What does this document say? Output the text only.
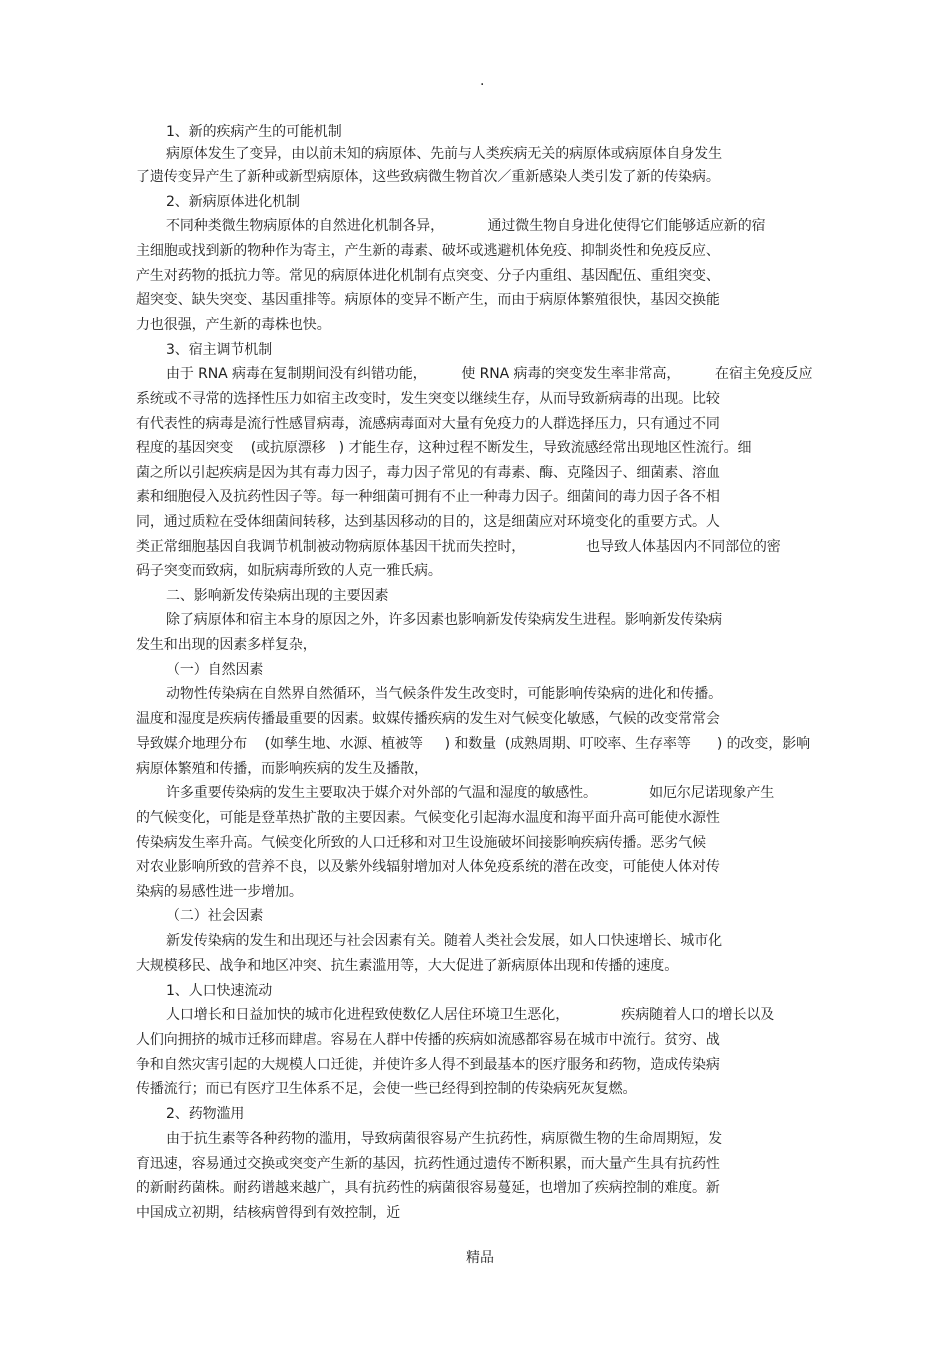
.
1、新的疾病产生的可能机制
病原体发生了变异，由以前未知的病原体、先前与人类疾病无关的病原体或病原体自身发生
了遗传变异产生了新种或新型病原体，这些致病微生物首次／重新感染人类引发了新的传染病。
2、新病原体进化机制
不同种类微生物病原体的自然进化机制各异，          通过微生物自身进化使得它们能够适应新的宿
主细胞或找到新的物种作为寄主，产生新的毒素、破坏或逃避机体免疫、抑制炎性和免疫反应、
产生对药物的抵抗力等。常见的病原体进化机制有点突变、分子内重组、基因配伍、重组突变、
超突变、缺失突变、基因重排等。病原体的变异不断产生，而由于病原体繁殖很快，基因交换能
力也很强，产生新的毒株也快。
3、宿主调节机制
由于 RNA 病毒在复制期间没有纠错功能，        使 RNA 病毒的突变发生率非常高，        在宿主免疫反应
系统或不寻常的选择性压力如宿主改变时，发生突变以继续生存，从而导致新病毒的出现。比较
有代表性的病毒是流行性感冒病毒，流感病毒面对大量有免疫力的人群选择压力，只有通过不同
程度的基因突变    (或抗原漂移   ) 才能生存，这种过程不断发生，导致流感经常出现地区性流行。细
菌之所以引起疾病是因为其有毒力因子，毒力因子常见的有毒素、酶、克隆因子、细菌素、溶血
素和细胞侵入及抗药性因子等。每一种细菌可拥有不止一种毒力因子。细菌间的毒力因子各不相
同，通过质粒在受体细菌间转移，达到基因移动的目的，这是细菌应对环境变化的重要方式。人
类正常细胞基因自我调节机制被动物病原体基因干扰而失控时，              也导致人体基因内不同部位的密
码子突变而致病，如朊病毒所致的人克一雅氏病。
二、影响新发传染病出现的主要因素
除了病原体和宿主本身的原因之外，许多因素也影响新发传染病发生进程。影响新发传染病
发生和出现的因素多样复杂，
（一）自然因素
动物性传染病在自然界自然循环，当气候条件发生改变时，可能影响传染病的进化和传播。
温度和湿度是疾病传播最重要的因素。蚊媒传播疾病的发生对气候变化敏感，气候的改变常常会
导致媒介地理分布    (如孳生地、水源、植被等     ) 和数量  (成熟周期、叮咬率、生存率等      ) 的改变，影响
病原体繁殖和传播，而影响疾病的发生及播散，
许多重要传染病的发生主要取决于媒介对外部的气温和湿度的敏感性。            如厄尔尼诺现象产生
的气候变化，可能是登革热扩散的主要因素。气候变化引起海水温度和海平面升高可能使水源性
传染病发生率升高。气候变化所致的人口迁移和对卫生设施破坏间接影响疾病传播。恶劣气候
对农业影响所致的营养不良，以及紫外线辐射增加对人体免疫系统的潜在改变，可能使人体对传
染病的易感性进一步增加。
（二）社会因素
新发传染病的发生和出现还与社会因素有关。随着人类社会发展，如人口快速增长、城市化
大规模移民、战争和地区冲突、抗生素滥用等，大大促进了新病原体出现和传播的速度。
1、人口快速流动
人口增长和日益加快的城市化进程致使数亿人居住环境卫生恶化，            疾病随着人口的增长以及
人们向拥挤的城市迁移而肆虐。容易在人群中传播的疾病如流感都容易在城市中流行。贫穷、战
争和自然灾害引起的大规模人口迁徙，并使许多人得不到最基本的医疗服务和药物，造成传染病
传播流行；而已有医疗卫生体系不足，会使一些已经得到控制的传染病死灰复燃。
2、药物滥用
由于抗生素等各种药物的滥用，导致病菌很容易产生抗药性，病原微生物的生命周期短，发
育迅速，容易通过交换或突变产生新的基因，抗药性通过遗传不断积累，而大量产生具有抗药性
的新耐药菌株。耐药谱越来越广，具有抗药性的病菌很容易蔓延，也增加了疾病控制的难度。新
中国成立初期，结核病曾得到有效控制，近
精品
